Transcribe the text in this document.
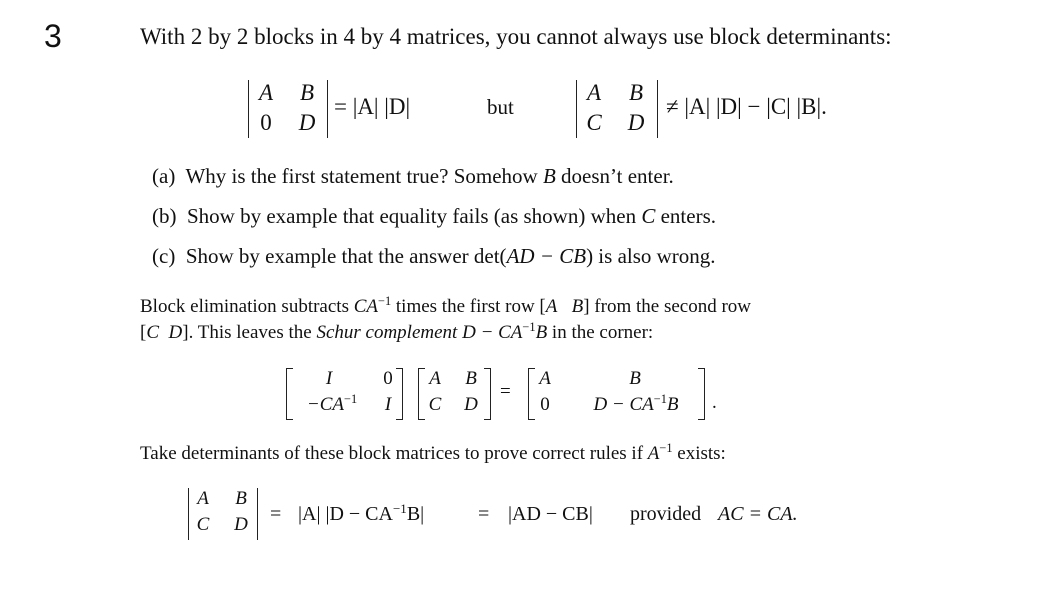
3	With 2 by 2 blocks in 4 by 4 matrices, you cannot always use block determinants:
A B
0 D
= |A| |D|	but
A B
C D
≠ |A| |D| − |C| |B|.
(a) Why is the first statement true? Somehow B doesn’t enter.
(b) Show by example that equality fails (as shown) when C enters.
(c) Show by example that the answer det(AD − CB) is also wrong.
Block elimination subtracts $CA^{-1}$ times the first row [A B] from the second row
[C D]. This leaves the Schur complement $D - CA^{-1}B$ in the corner:
I	0
$-CA^{-1}$	I
A B
C D
=
A	B
0	$D - CA^{-1}B$	.
Take determinants of these block matrices to prove correct rules if $A^{-1}$ exists:
A B
C D = |A| $|D - CA^{-1}B|$	= |AD − CB| provided AC = CA.
